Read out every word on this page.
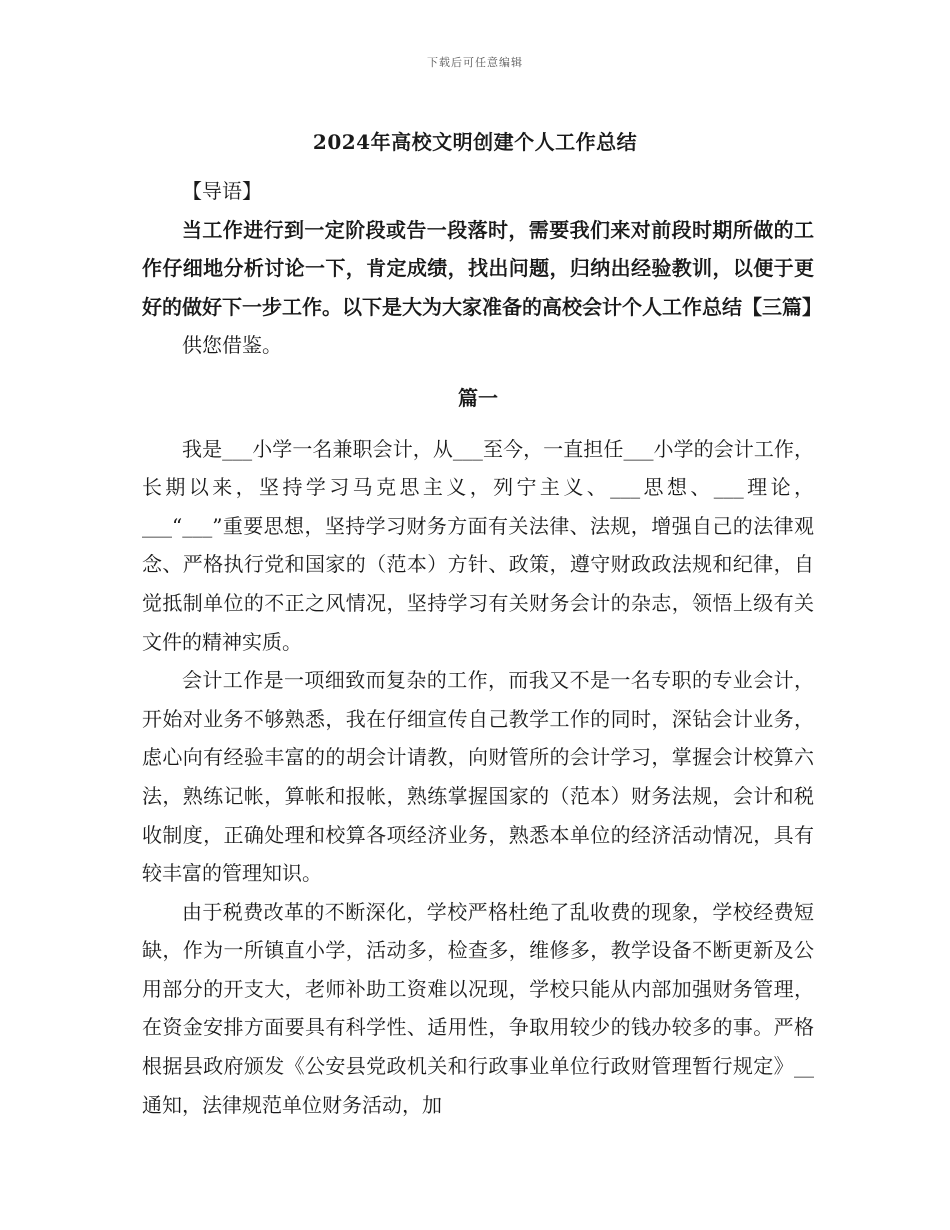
下载后可任意编辑
2024年高校文明创建个人工作总结

【导语】

当工作进行到一定阶段或告一段落时，需要我们来对前段时期所做的工作仔细地分析讨论一下，肯定成绩，找出问题，归纳出经验教训，以便于更好的做好下一步工作。以下是大为大家准备的高校会计个人工作总结【三篇】

供您借鉴。

篇一

我是___小学一名兼职会计，从___至今，一直担任___小学的会计工作，长期以来，坚持学习马克思主义，列宁主义、___思想、___理论，___“___”重要思想，坚持学习财务方面有关法律、法规，增强自己的法律观念、严格执行党和国家的（范本）方针、政策，遵守财政政法规和纪律，自觉抵制单位的不正之风情况，坚持学习有关财务会计的杂志，领悟上级有关文件的精神实质。

会计工作是一项细致而复杂的工作，而我又不是一名专职的专业会计，开始对业务不够熟悉，我在仔细宣传自己教学工作的同时，深钻会计业务，虑心向有经验丰富的的胡会计请教，向财管所的会计学习，掌握会计校算六法，熟练记帐，算帐和报帐，熟练掌握国家的（范本）财务法规，会计和税收制度，正确处理和校算各项经济业务，熟悉本单位的经济活动情况，具有较丰富的管理知识。

由于税费改革的不断深化，学校严格杜绝了乱收费的现象，学校经费短缺，作为一所镇直小学，活动多，检查多，维修多，教学设备不断更新及公用部分的开支大，老师补助工资难以况现，学校只能从内部加强财务管理，在资金安排方面要具有科学性、适用性，争取用较少的钱办较多的事。严格根据县政府颁发《公安县党政机关和行政事业单位行政财管理暂行规定》__通知，法律规范单位财务活动，加
